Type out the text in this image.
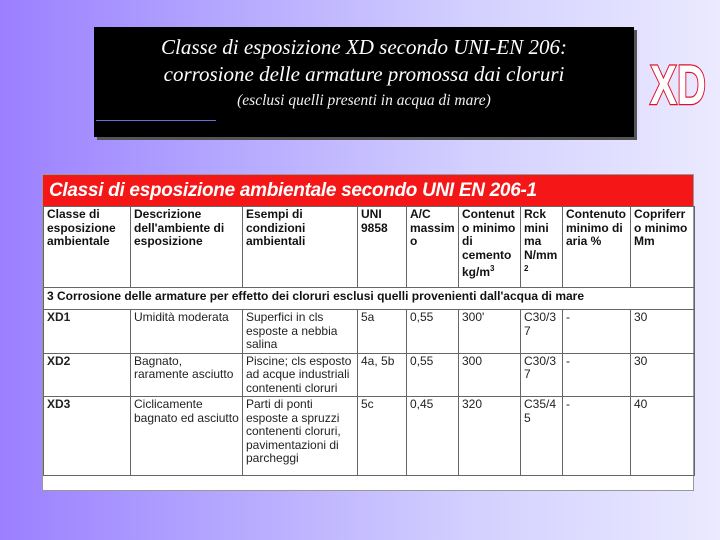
Classe di esposizione XD secondo UNI-EN 206:
corrosione delle armature promossa dai cloruri
(esclusi quelli presenti in acqua di mare)	XD
Classi di esposizione ambientale secondo UNI EN 206-1
Classe di esposizione ambientale	Descrizione dell'ambiente di esposizione	Esempi di condizioni ambientali	UNI 9858	A/C massimo	Contenuto minimo di cemento $kg/m^3$	Rck minima $N/mm^2$	Contenuto minimo di aria %	Copriferro minimo Mm
3 Corrosione delle armature per effetto dei cloruri esclusi quelli provenienti dall'acqua di mare								
XD1	Umidità moderata	Superfici in cls esposte a nebbia salina	5a	0,55	300'	C30/37	-	30
XD2	Bagnato, raramente asciutto	Piscine; cls esposto ad acque industriali contenenti cloruri	4a, 5b	0,55	300	C30/37	-	30
XD3	Ciclicamente bagnato ed asciutto	Parti di ponti esposte a spruzzi contenenti cloruri, pavimentazioni di parcheggi	5c	0,45	320	C35/45	-	40
